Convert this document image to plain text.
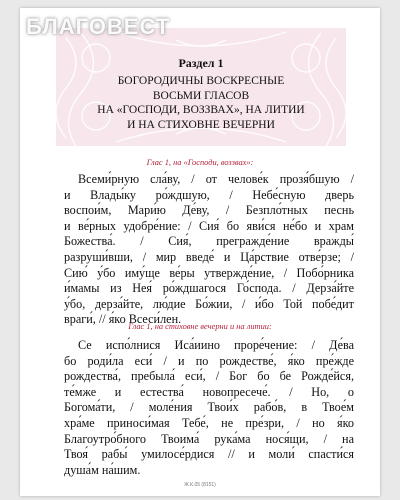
БЛАГОВЕСТ
Раздел 1
БОГОРОДИЧНЫ ВОСКРЕСНЫЕ
ВОСЬМИ ГЛАСОВ
НА «ГОСПОДИ, ВОЗЗВАХ», НА ЛИТИИ
И НА СТИХОВНЕ ВЕЧЕРНИ
Глас 1, на «Господи, воззвах»:
Всеми́рную сла́ву, / от челове́к прозя́бшую /
и Влады́ку ро́ждшую, / Небе́сную дверь
воспои́м, Мари́ю Де́ву, / Безпло́тных песнь
и ве́рных удобре́ние: / Сия́ бо яви́ся не́бо и храм
Божества́. / Сия́, прегражде́ние вражды́
разруши́вши, / мир введе́ и Ца́рствие отве́рзе; /
Сию́ у́бо иму́ще ве́ры утвержде́ние, / Побо́рника
и́мамы из Нея́ ро́ждшагося Го́спода. / Дерза́йте
у́бо, дерза́йте, лю́дие Бо́жии, / и́бо Той побе́дит
враги́, // я́ко Всеси́лен.
Глас 1, на стиховне вечерни и на литии:
Се испо́лнися Иса́иино проре́чение: / Де́ва
бо роди́ла еси́ / и по рождестве́, я́ко пре́жде
рождества́, пребыла́ еси́, / Бог бо бе Рожде́йся,
те́мже и естества́ новопресече́. / Но, о
Богома́ти, / моле́ния Твои́х рабо́в, в Твое́м
хра́ме приноси́мая Тебе́, не пре́зри, / но я́ко
Благоутро́бного Твоима́ рука́ма нося́щи, / на
Твоя́ рабы́ умилосе́рдися // и моли́ спасти́ся
душа́м на́шим.
Ж.К.05 (8151)
